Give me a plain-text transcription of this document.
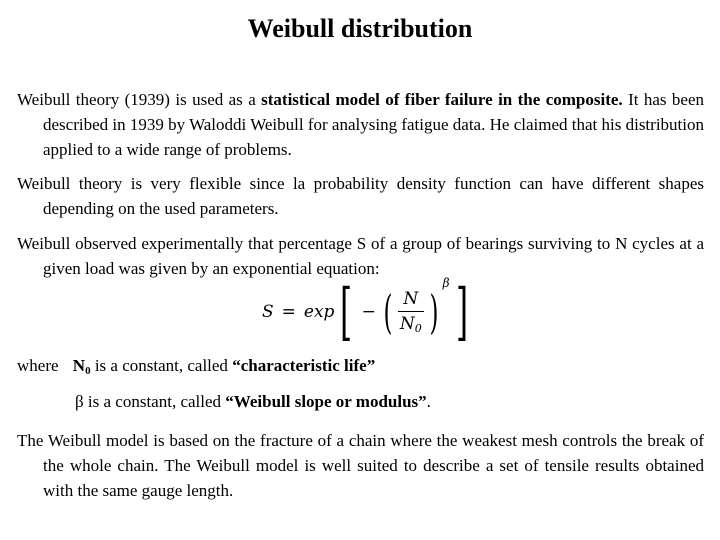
Weibull distribution
Weibull theory (1939) is used as a statistical model of fiber failure in the composite. It has been described in 1939 by Waloddi Weibull for analysing fatigue data. He claimed that his distribution applied to a wide range of problems.
Weibull theory is very flexible since la probability density function can have different shapes depending on the used parameters.
Weibull observed experimentally that percentage S of a group of bearings surviving to N cycles at a given load was given by an exponential equation:
S = exp [ − ( $\frac{N}{N_0}$ )
β ]
where $N_0$ is a constant, called “characteristic life”
β is a constant, called “Weibull slope or modulus”.
The Weibull model is based on the fracture of a chain where the weakest mesh controls the break of the whole chain. The Weibull model is well suited to describe a set of tensile results obtained with the same gauge length.
